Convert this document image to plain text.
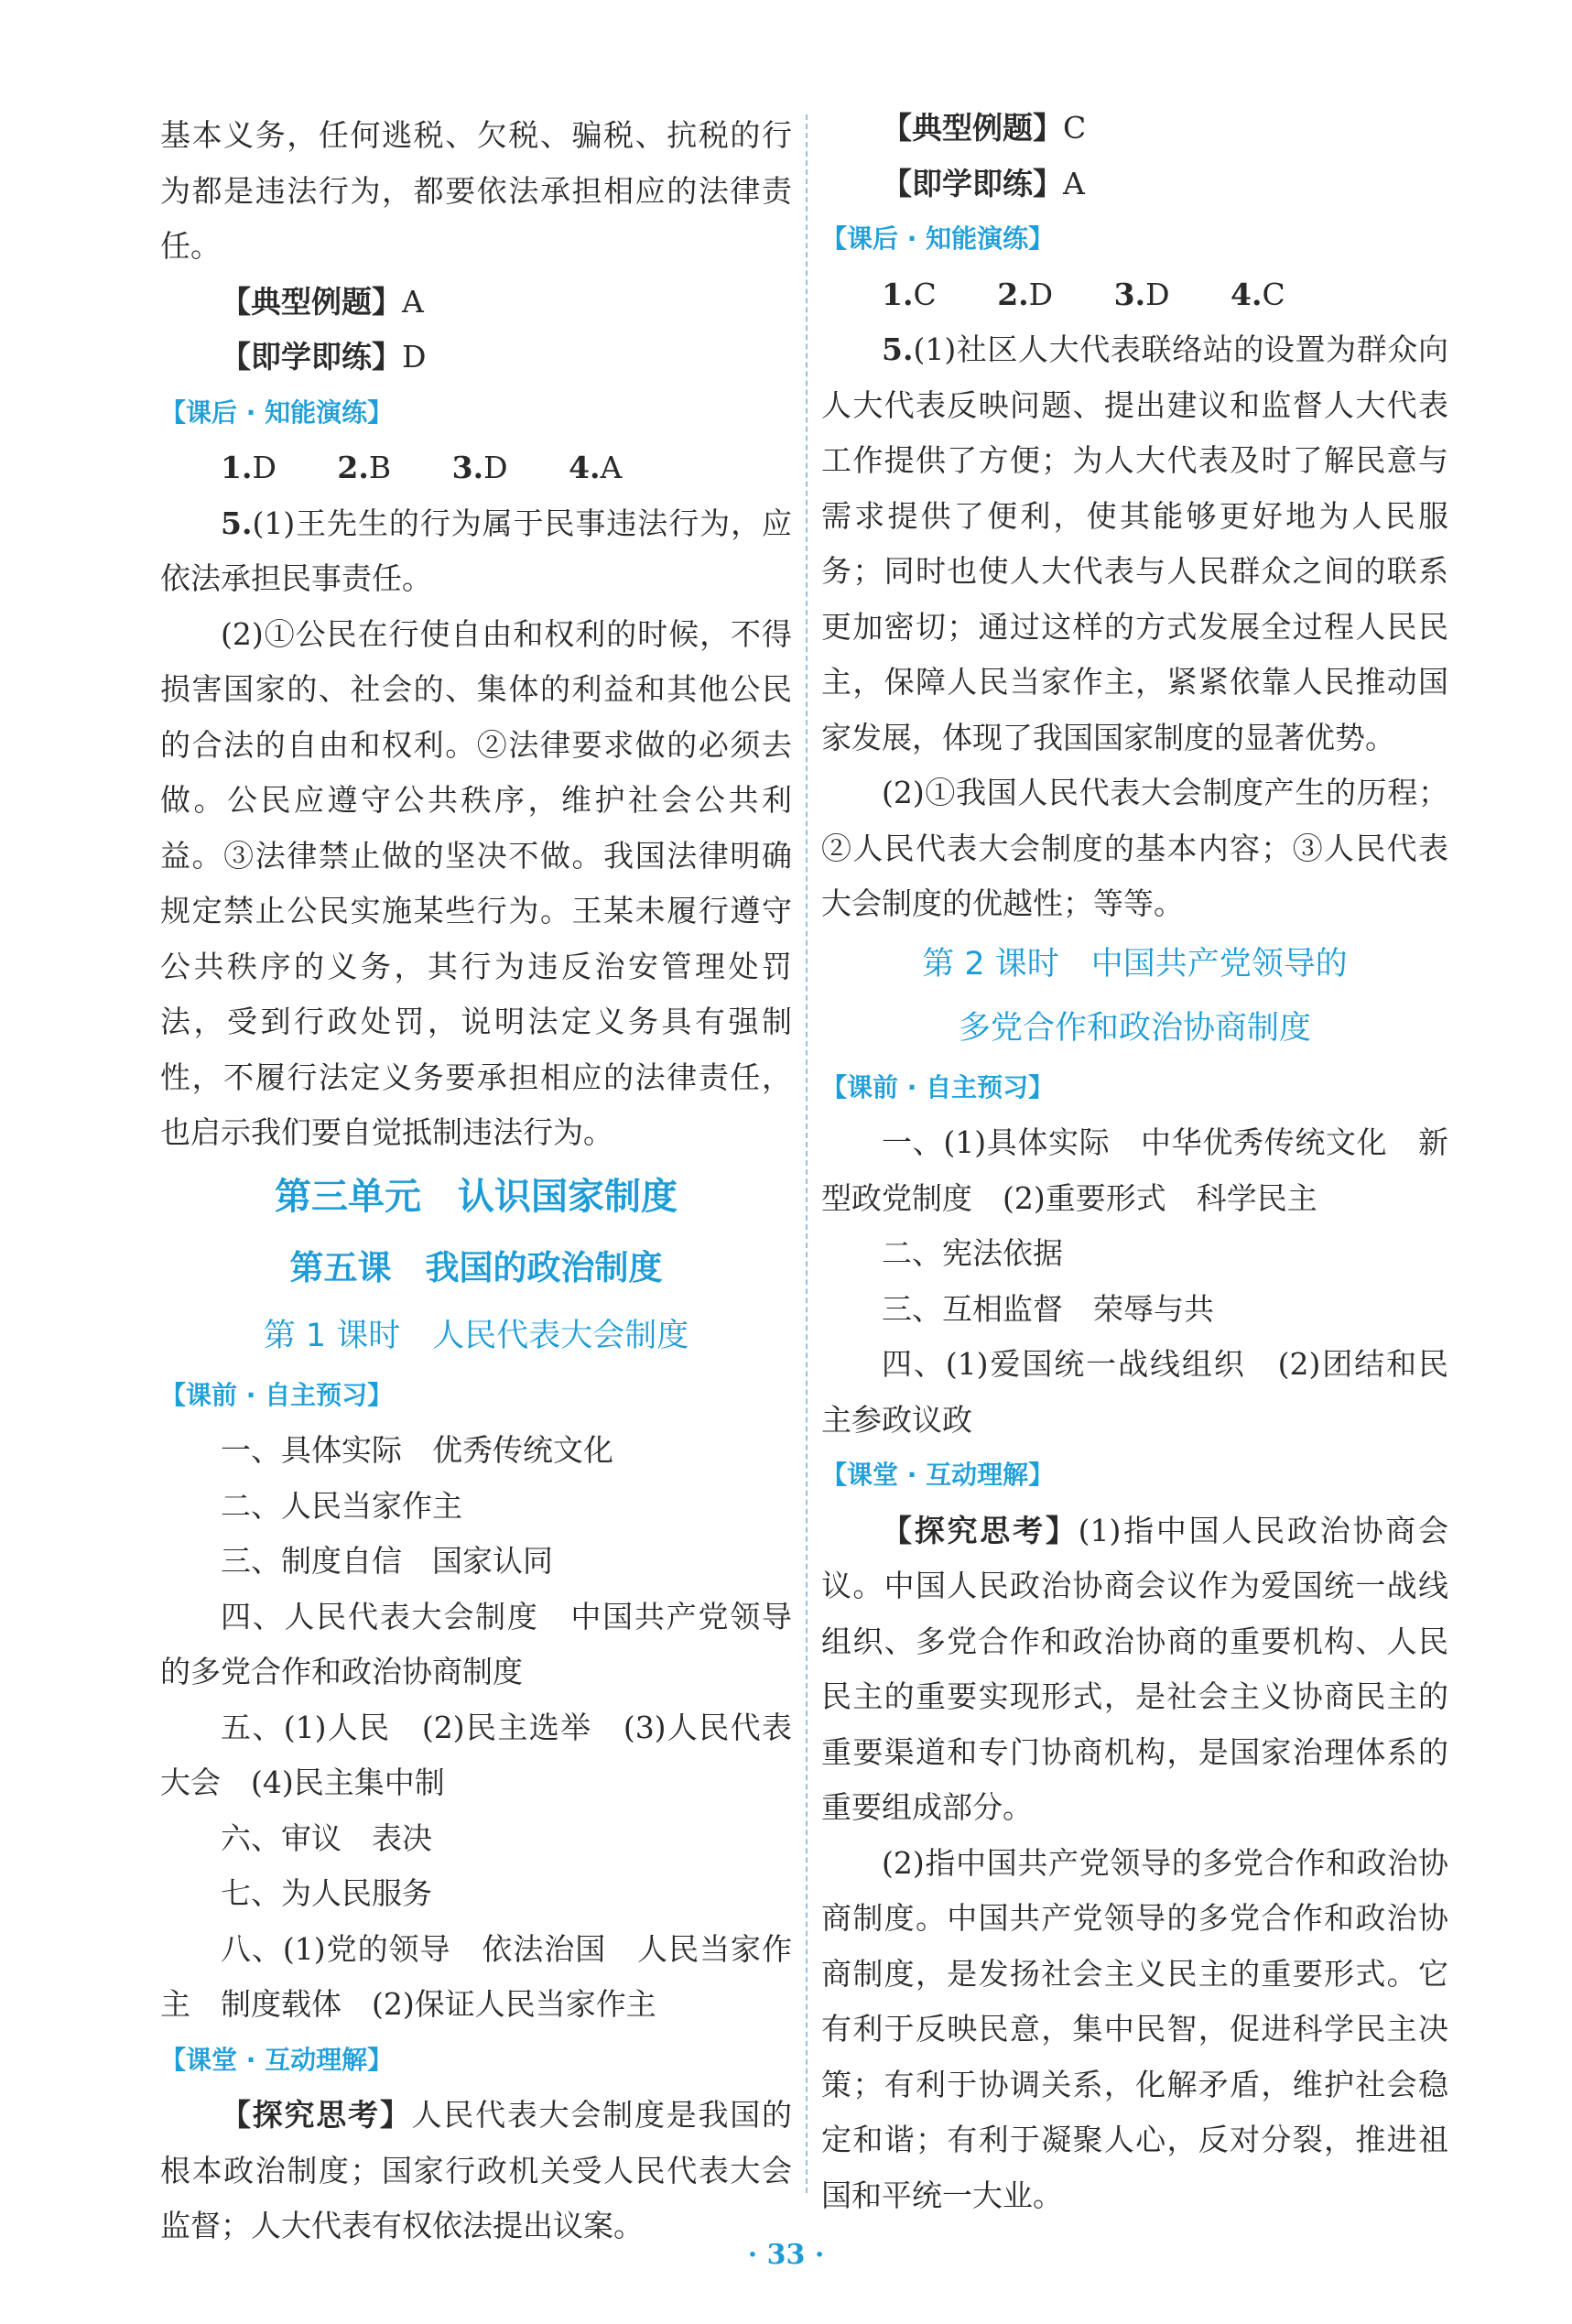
基本义务，任何逃税、欠税、骗税、抗税的行为都是违法行为，都要依法承担相应的法律责任。

【典型例题】A

【即学即练】D

【课后 · 知能演练】

1.D 2.B 3.D 4.A

5.(1)王先生的行为属于民事违法行为，应依法承担民事责任。

(2)①公民在行使自由和权利的时候，不得损害国家的、社会的、集体的利益和其他公民的合法的自由和权利。②法律要求做的必须去做。公民应遵守公共秩序，维护社会公共利益。③法律禁止做的坚决不做。我国法律明确规定禁止公民实施某些行为。王某未履行遵守公共秩序的义务，其行为违反治安管理处罚法，受到行政处罚，说明法定义务具有强制性，不履行法定义务要承担相应的法律责任，也启示我们要自觉抵制违法行为。

第三单元　认识国家制度
第五课　我国的政治制度
第 1 课时　人民代表大会制度
【课前 · 自主预习】

一、具体实际　优秀传统文化

二、人民当家作主

三、制度自信　国家认同

四、人民代表大会制度　中国共产党领导的多党合作和政治协商制度

五、(1)人民　(2)民主选举　(3)人民代表大会　(4)民主集中制

六、审议　表决

七、为人民服务

八、(1)党的领导　依法治国　人民当家作主　制度载体　(2)保证人民当家作主

【课堂 · 互动理解】

【探究思考】人民代表大会制度是我国的根本政治制度；国家行政机关受人民代表大会监督；人大代表有权依法提出议案。

【典型例题】C

【即学即练】A

【课后 · 知能演练】

1.C 2.D 3.D 4.C

5.(1)社区人大代表联络站的设置为群众向人大代表反映问题、提出建议和监督人大代表工作提供了方便；为人大代表及时了解民意与需求提供了便利，使其能够更好地为人民服务；同时也使人大代表与人民群众之间的联系更加密切；通过这样的方式发展全过程人民民主，保障人民当家作主，紧紧依靠人民推动国家发展，体现了我国国家制度的显著优势。

(2)①我国人民代表大会制度产生的历程；②人民代表大会制度的基本内容；③人民代表大会制度的优越性；等等。

第 2 课时　中国共产党领导的
多党合作和政治协商制度
【课前 · 自主预习】

一、(1)具体实际　中华优秀传统文化　新型政党制度　(2)重要形式　科学民主

二、宪法依据

三、互相监督　荣辱与共

四、(1)爱国统一战线组织　(2)团结和民主参政议政

【课堂 · 互动理解】

【探究思考】(1)指中国人民政治协商会议。中国人民政治协商会议作为爱国统一战线组织、多党合作和政治协商的重要机构、人民民主的重要实现形式，是社会主义协商民主的重要渠道和专门协商机构，是国家治理体系的重要组成部分。

(2)指中国共产党领导的多党合作和政治协商制度。中国共产党领导的多党合作和政治协商制度，是发扬社会主义民主的重要形式。它有利于反映民意，集中民智，促进科学民主决策；有利于协调关系，化解矛盾，维护社会稳定和谐；有利于凝聚人心，反对分裂，推进祖国和平统一大业。

· 33 ·
